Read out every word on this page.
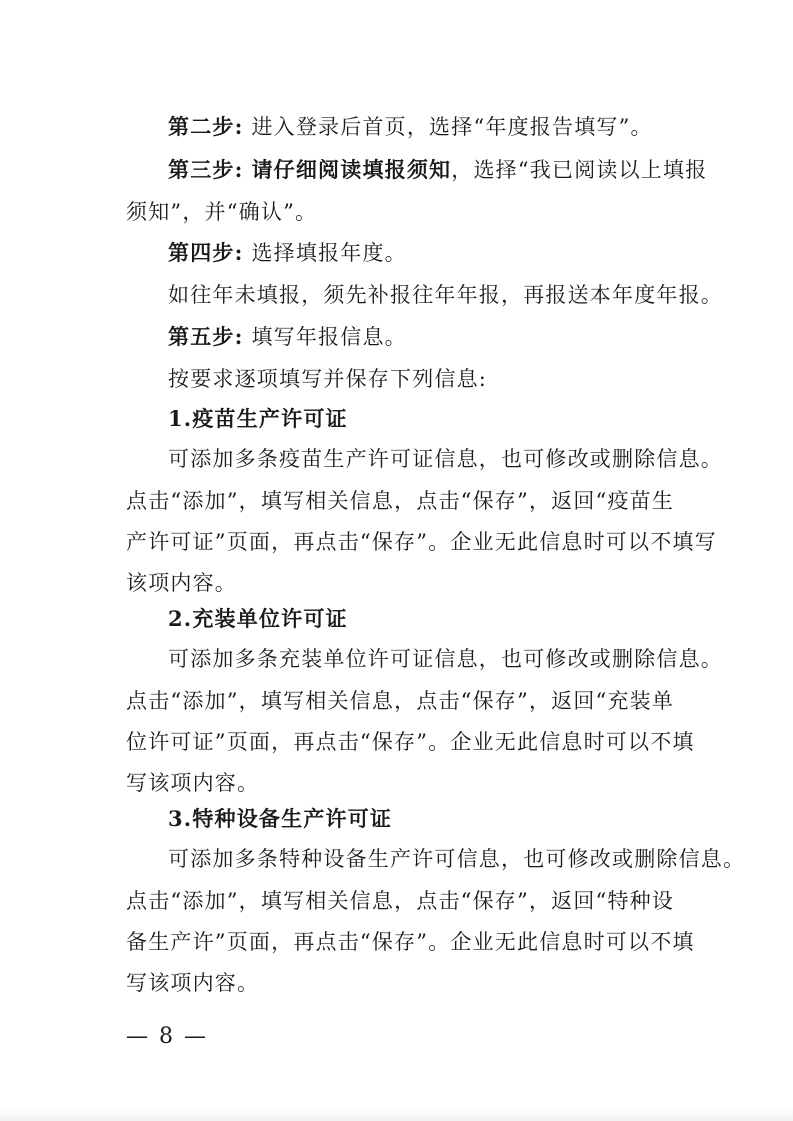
第二步: 进入登录后首页，选择“年度报告填写”。
第三步: 请仔细阅读填报须知，选择“我已阅读以上填报
须知”，并“确认”。
第四步: 选择填报年度。
如往年未填报，须先补报往年年报，再报送本年度年报。
第五步: 填写年报信息。
按要求逐项填写并保存下列信息:
1.疫苗生产许可证
可添加多条疫苗生产许可证信息，也可修改或删除信息。
点击“添加”，填写相关信息，点击“保存”，返回“疫苗生
产许可证”页面，再点击“保存”。企业无此信息时可以不填写
该项内容。
2.充装单位许可证
可添加多条充装单位许可证信息，也可修改或删除信息。
点击“添加”，填写相关信息，点击“保存”，返回“充装单
位许可证”页面，再点击“保存”。企业无此信息时可以不填
写该项内容。
3.特种设备生产许可证
可添加多条特种设备生产许可信息，也可修改或删除信息。
点击“添加”，填写相关信息，点击“保存”，返回“特种设
备生产许”页面，再点击“保存”。企业无此信息时可以不填
写该项内容。
— 8 —
